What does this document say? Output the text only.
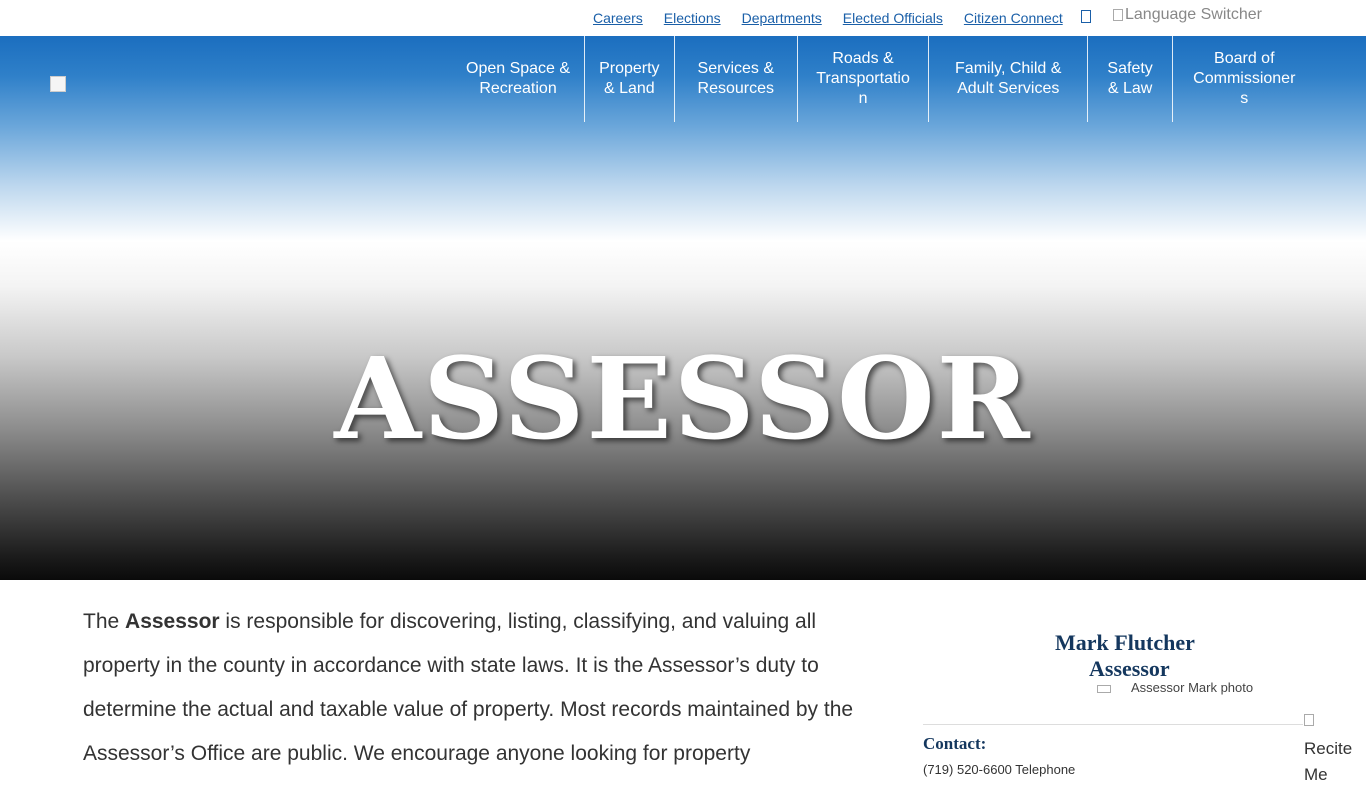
Careers Elections Departments Elected Officials Citizen Connect	Language Switcher
Open Space &
Recreation
Property
& Land
Services &
Resources
Roads &
Transportatio
n
Family, Child &
Adult Services
Safety
& Law
Board of
Commissioner
s
ASSESSOR

The Assessor is responsible for discovering, listing, classifying, and valuing all property in the county in accordance with state laws. It is the Assessor’s duty to determine the actual and taxable value of property. Most records maintained by the Assessor’s Office are public. We encourage anyone looking for property

Mark Flutcher
Assessor
Assessor Mark photo
Contact:
(719) 520-6600 Telephone
Recite Me
